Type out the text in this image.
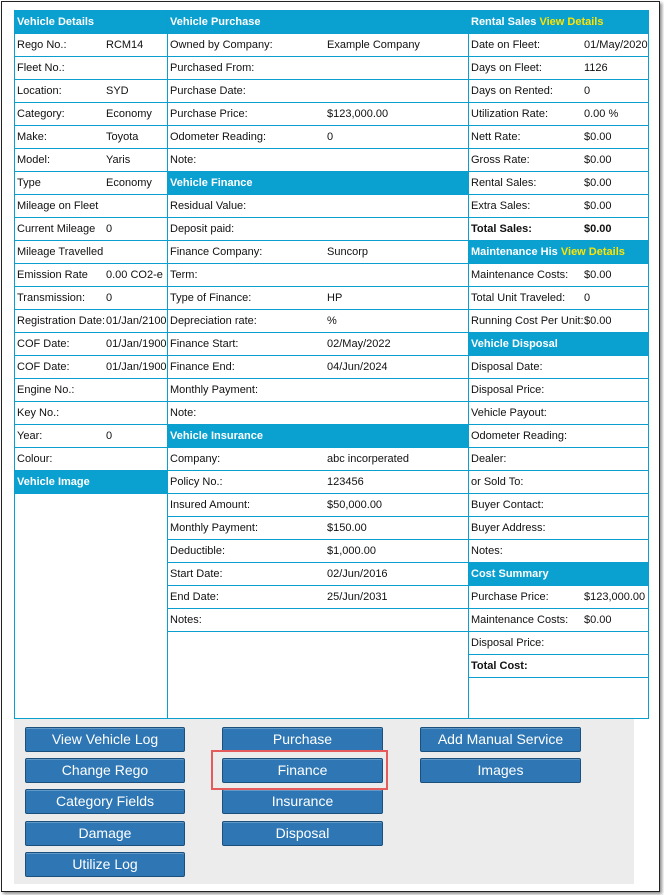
Vehicle Details
Rego No.:	RCM14
Fleet No.:
Location:	SYD
Category:	Economy
Make:	Toyota
Model:	Yaris
Type	Economy
Mileage on Fleet
Current Mileage 0
Mileage Travelled
Emission Rate 0.00 CO2-e
Transmission: 0
Registration Date: 01/Jan/2100
COF Date:	01/Jan/1900
COF Date:	01/Jan/1900
Engine No.:
Key No.:
Year:	0
Colour:
Vehicle Image
Vehicle Purchase
Owned by Company:	Example Company
Purchased From:
Purchase Date:
Purchase Price:	$123,000.00
Odometer Reading:	0
Note:
Vehicle Finance
Residual Value:
Deposit paid:
Finance Company:	Suncorp
Term:
Type of Finance:	HP
Depreciation rate:	%
Finance Start:	02/May/2022
Finance End:	04/Jun/2024
Monthly Payment:
Note:
Vehicle Insurance
Company:	abc incorperated
Policy No.:	123456
Insured Amount:	$50,000.00
Monthly Payment:	$150.00
Deductible:	$1,000.00
Start Date:	02/Jun/2016
End Date:	25/Jun/2031
Notes:
Rental Sales View Details
Date on Fleet:	01/May/2020
Days on Fleet:	1126
Days on Rented:	0
Utilization Rate:	0.00 %
Nett Rate:	$0.00
Gross Rate:	$0.00
Rental Sales:	$0.00
Extra Sales:	$0.00
Total Sales:	$0.00
Maintenance His View Details
Maintenance Costs: $0.00
Total Unit Traveled: 0
Running Cost Per Unit: $0.00
Vehicle Disposal
Disposal Date:
Disposal Price:
Vehicle Payout:
Odometer Reading:
Dealer:
or Sold To:
Buyer Contact:
Buyer Address:
Notes:
Cost Summary
Purchase Price:	$123,000.00
Maintenance Costs: $0.00
Disposal Price:
Total Cost:
View Vehicle Log
Change Rego
Category Fields
Damage
Utilize Log
Purchase
Finance
Insurance
Disposal
Add Manual Service
Images
